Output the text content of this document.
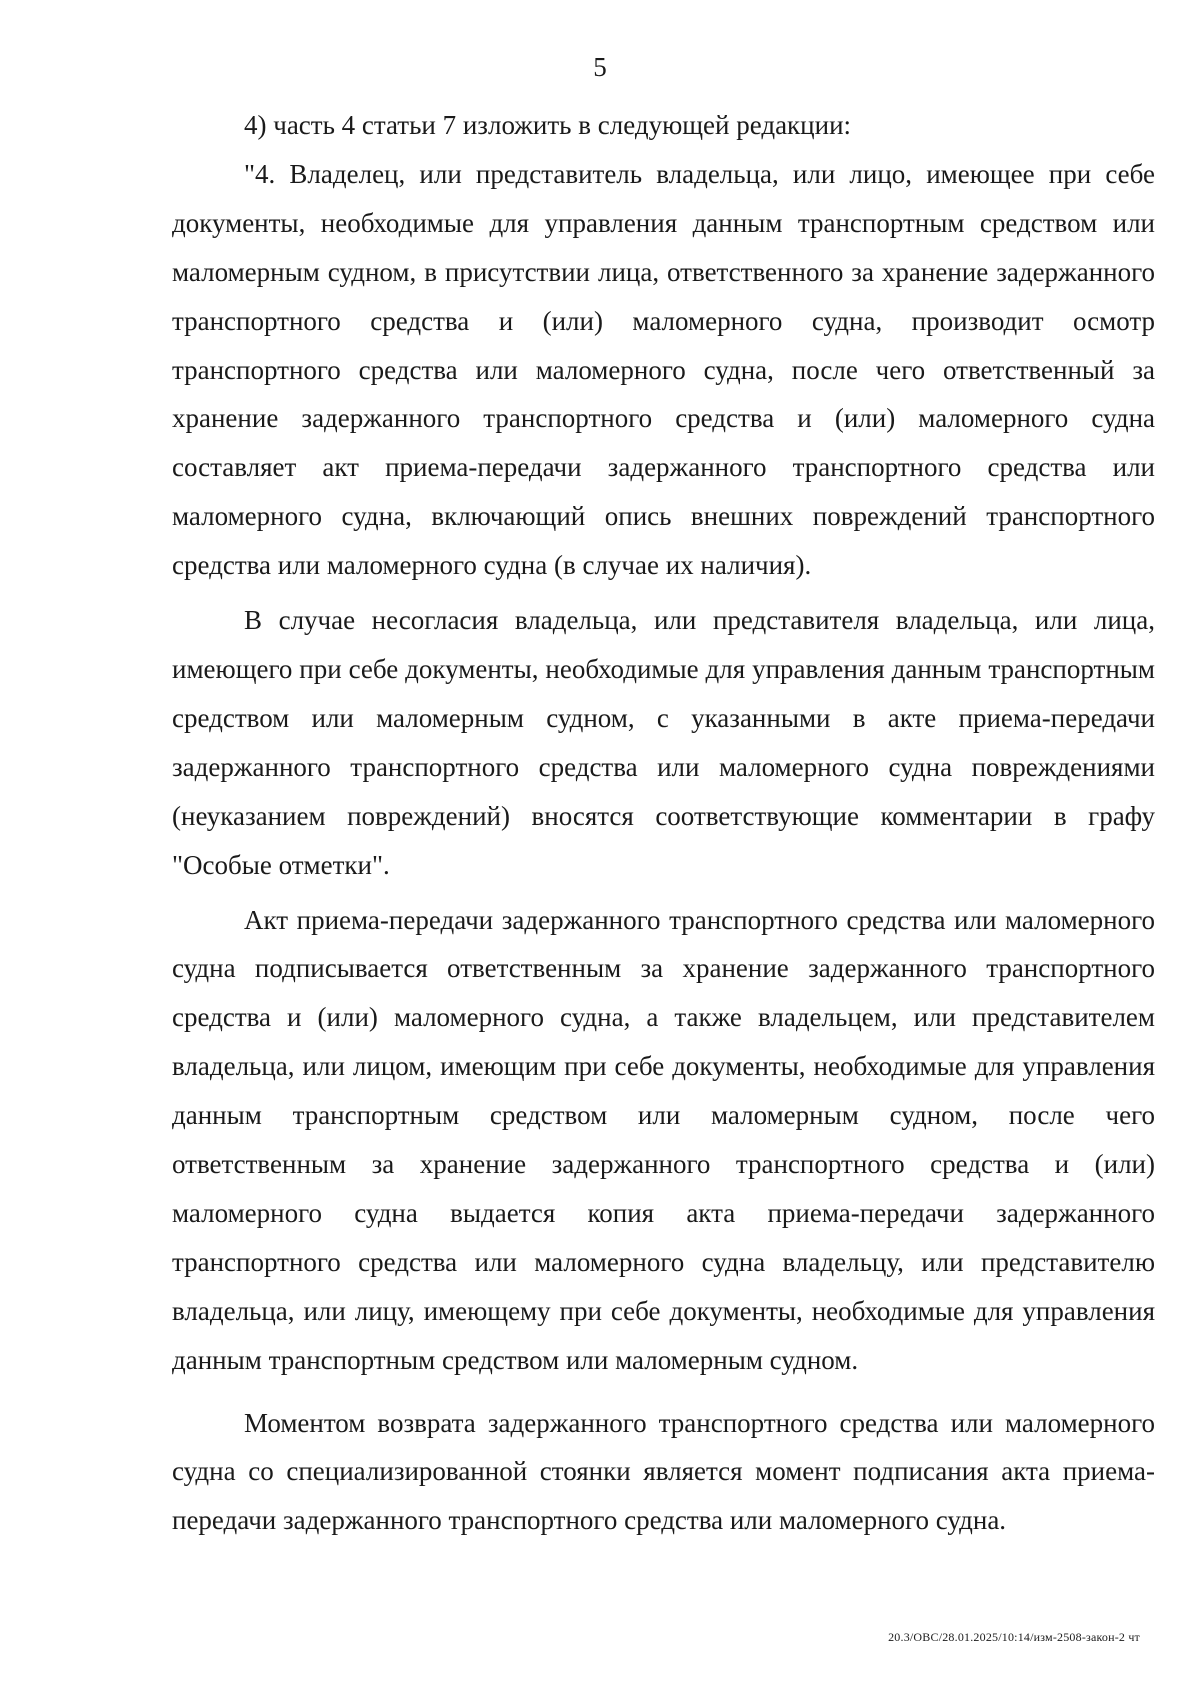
5

4) часть 4 статьи 7 изложить в следующей редакции:

"4. Владелец, или представитель владельца, или лицо, имеющее при себе документы, необходимые для управления данным транспортным средством или маломерным судном, в присутствии лица, ответственного за хранение задержанного транспортного средства и (или) маломерного судна, производит осмотр транспортного средства или маломерного судна, после чего ответственный за хранение задержанного транспортного средства и (или) маломерного судна составляет акт приема-передачи задержанного транспортного средства или маломерного судна, включающий опись внешних повреждений транспортного средства или маломерного судна (в случае их наличия).

В случае несогласия владельца, или представителя владельца, или лица, имеющего при себе документы, необходимые для управления данным транспортным средством или маломерным судном, с указанными в акте приема-передачи задержанного транспортного средства или маломерного судна повреждениями (неуказанием повреждений) вносятся соответствующие комментарии в графу "Особые отметки".

Акт приема-передачи задержанного транспортного средства или маломерного судна подписывается ответственным за хранение задержанного транспортного средства и (или) маломерного судна, а также владельцем, или представителем владельца, или лицом, имеющим при себе документы, необходимые для управления данным транспортным средством или маломерным судном, после чего ответственным за хранение задержанного транспортного средства и (или) маломерного судна выдается копия акта приема-передачи задержанного транспортного средства или маломерного судна владельцу, или представителю владельца, или лицу, имеющему при себе документы, необходимые для управления данным транспортным средством или маломерным судном.

Моментом возврата задержанного транспортного средства или маломерного судна со специализированной стоянки является момент подписания акта приема-передачи задержанного транспортного средства или маломерного судна.

20.3/ОВС/28.01.2025/10:14/изм-2508-закон-2 чт
